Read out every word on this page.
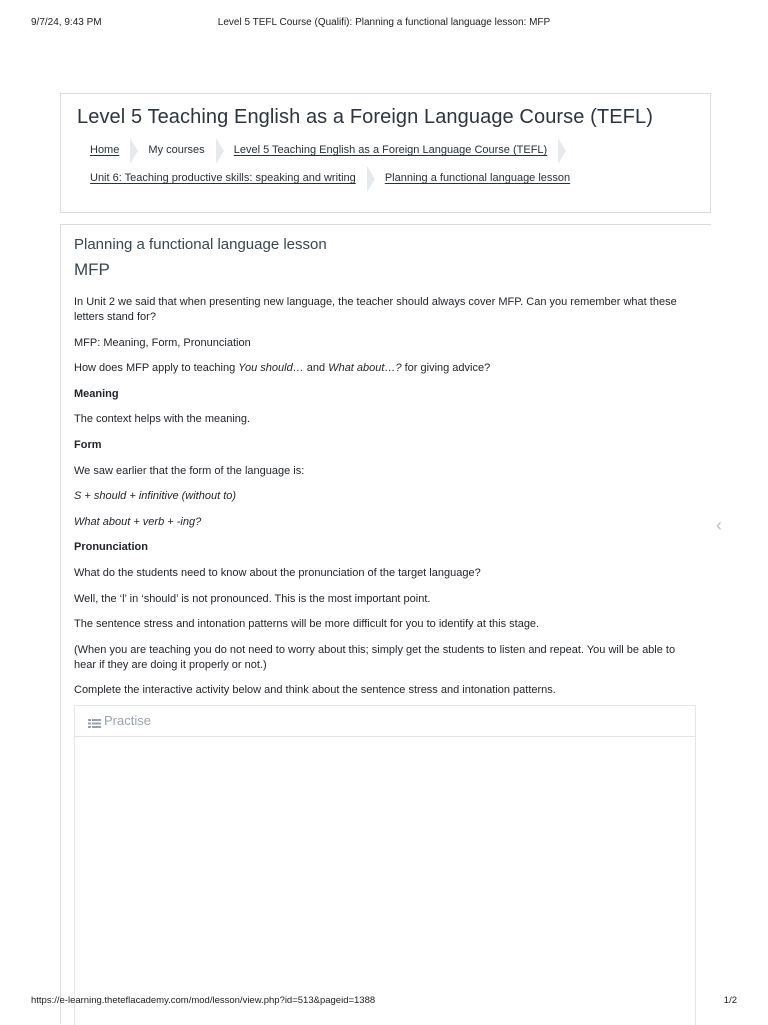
9/7/24, 9:43 PM	Level 5 TEFL Course (Qualifi): Planning a functional language lesson: MFP
Level 5 Teaching English as a Foreign Language Course (TEFL)
Home	My courses	Level 5 Teaching English as a Foreign Language Course (TEFL)
Unit 6: Teaching productive skills: speaking and writing	Planning a functional language lesson
Planning a functional language lesson
MFP

In Unit 2 we said that when presenting new language, the teacher should always cover MFP. Can you remember what these letters stand for?

MFP: Meaning, Form, Pronunciation

How does MFP apply to teaching You should… and What about…? for giving advice?

Meaning

The context helps with the meaning.

Form

We saw earlier that the form of the language is:

S + should + infinitive (without to)

What about + verb + -ing?

Pronunciation

What do the students need to know about the pronunciation of the target language?

Well, the ‘l’ in ‘should’ is not pronounced. This is the most important point.

The sentence stress and intonation patterns will be more difficult for you to identify at this stage.

(When you are teaching you do not need to worry about this; simply get the students to listen and repeat. You will be able to hear if they are doing it properly or not.)

Complete the interactive activity below and think about the sentence stress and intonation patterns.

Practise
‹
https://e-learning.theteflacademy.com/mod/lesson/view.php?id=513&pageid=1388	1/2
